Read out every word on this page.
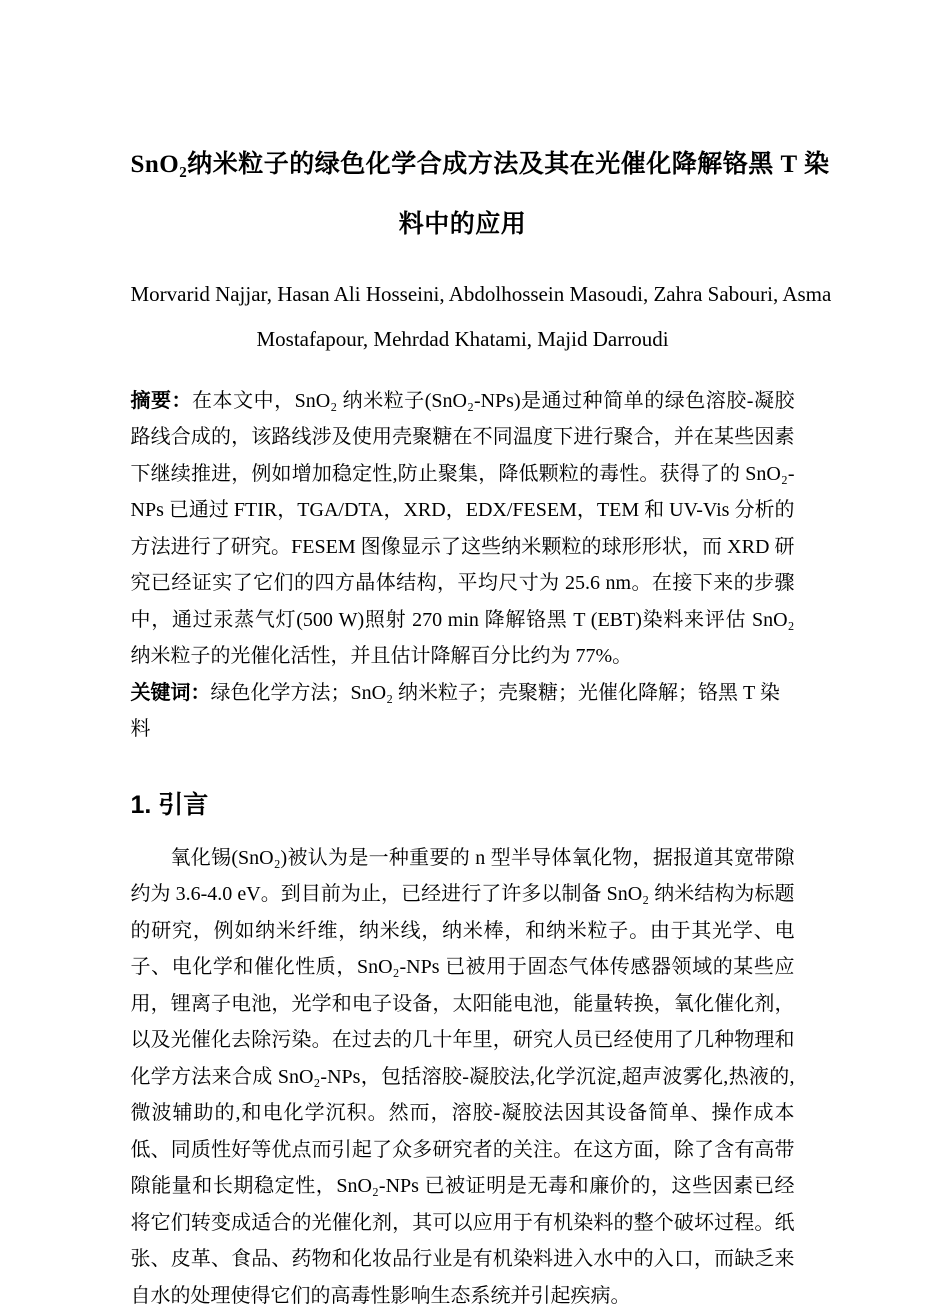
SnO₂纳米粒子的绿色化学合成方法及其在光催化降解铬黑 T 染
料中的应用

Morvarid Najjar, Hasan Ali Hosseini, Abdolhossein Masoudi, Zahra Sabouri, Asma
Mostafapour, Mehrdad Khatami, Majid Darroudi

摘要：在本文中，SnO₂ 纳米粒子(SnO₂-NPs)是通过种简单的绿色溶胶-凝胶路线合成的，该路线涉及使用壳聚糖在不同温度下进行聚合，并在某些因素下继续推进，例如增加稳定性,防止聚集，降低颗粒的毒性。获得了的 SnO₂-NPs 已通过 FTIR，TGA/DTA，XRD，EDX/FESEM，TEM 和 UV-Vis 分析的方法进行了研究。FESEM 图像显示了这些纳米颗粒的球形形状，而 XRD 研究已经证实了它们的四方晶体结构，平均尺寸为 25.6 nm。在接下来的步骤中，通过汞蒸气灯(500 W)照射 270 min 降解铬黑 T (EBT)染料来评估 SnO₂ 纳米粒子的光催化活性，并且估计降解百分比约为 77%。

关键词：绿色化学方法；SnO₂ 纳米粒子；壳聚糖；光催化降解；铬黑 T 染料

1. 引言

氧化锡(SnO₂)被认为是一种重要的 n 型半导体氧化物，据报道其宽带隙约为 3.6-4.0 eV。到目前为止，已经进行了许多以制备 SnO₂ 纳米结构为标题的研究，例如纳米纤维，纳米线，纳米棒，和纳米粒子。由于其光学、电子、电化学和催化性质，SnO₂-NPs 已被用于固态气体传感器领域的某些应用，锂离子电池，光学和电子设备，太阳能电池，能量转换，氧化催化剂，以及光催化去除污染。在过去的几十年里，研究人员已经使用了几种物理和化学方法来合成 SnO₂-NPs，包括溶胶-凝胶法,化学沉淀,超声波雾化,热液的,微波辅助的,和电化学沉积。然而，溶胶-凝胶法因其设备简单、操作成本低、同质性好等优点而引起了众多研究者的关注。在这方面，除了含有高带隙能量和长期稳定性，SnO₂-NPs 已被证明是无毒和廉价的，这些因素已经将它们转变成适合的光催化剂，其可以应用于有机染料的整个破坏过程。纸张、皮革、食品、药物和化妆品行业是有机染料进入水中的入口，而缺乏来自水的处理使得它们的高毒性影响生态系统并引起疾病。
